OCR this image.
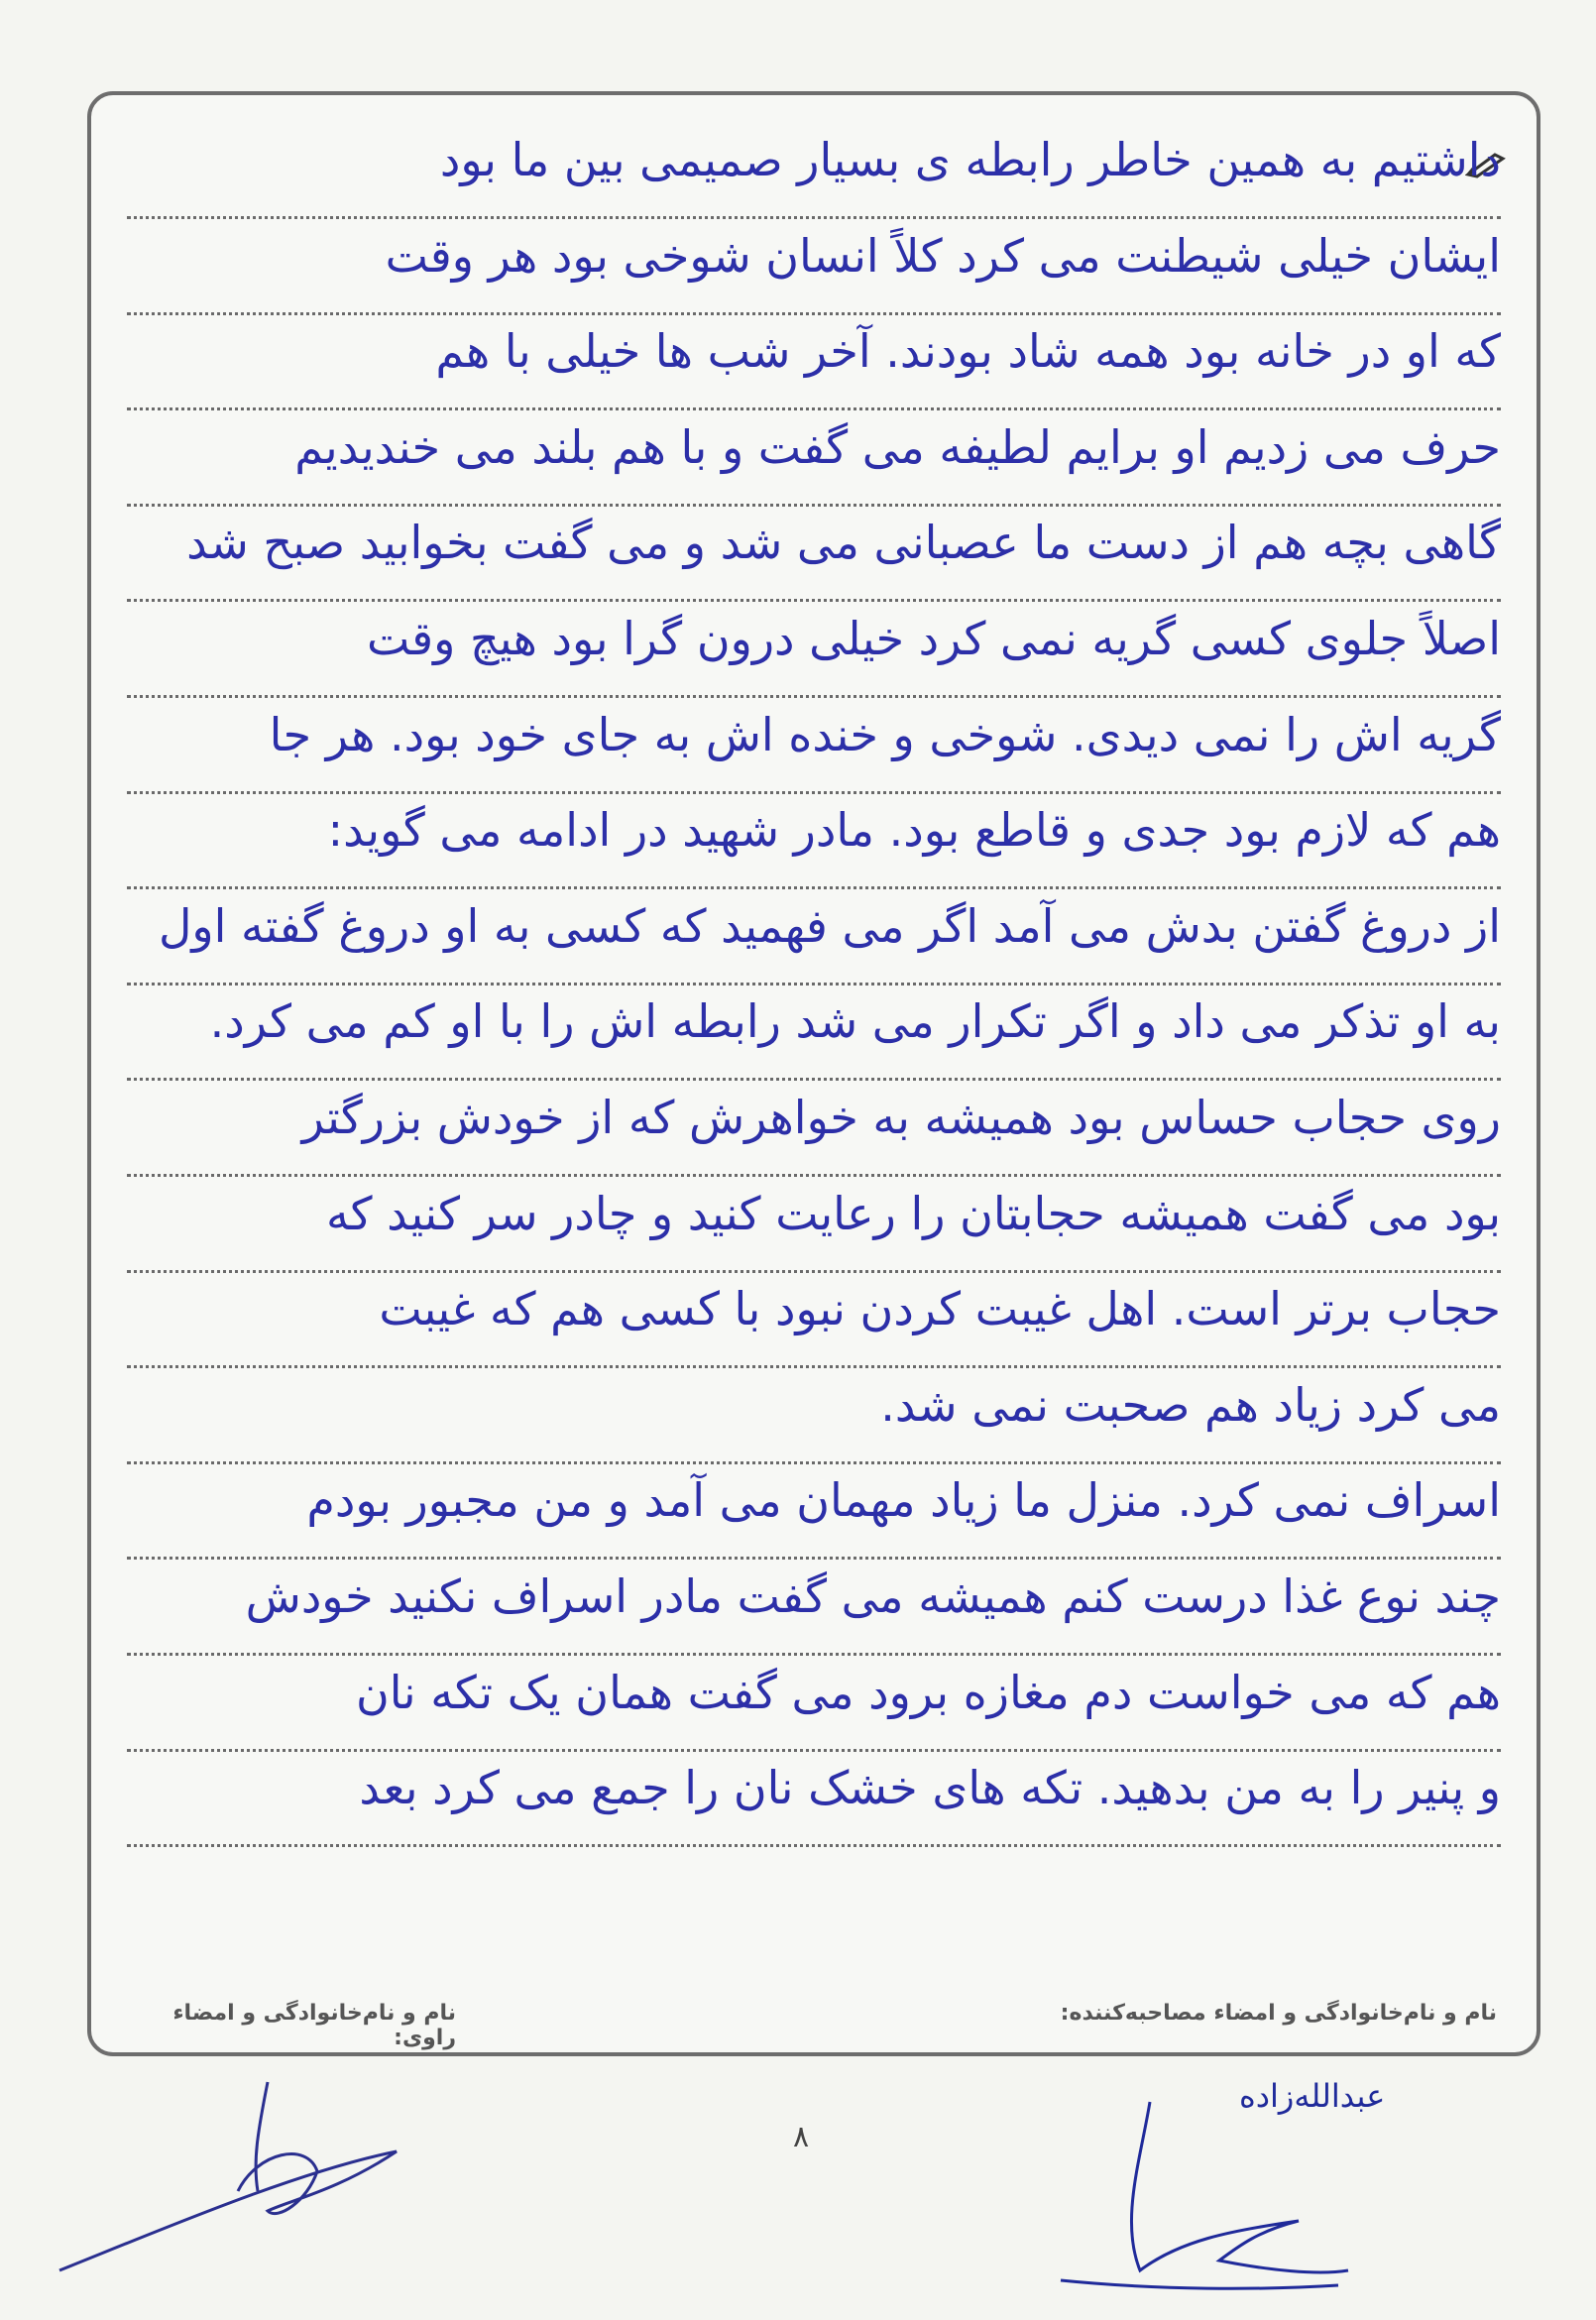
داشتیم به همین خاطر رابطه ی بسیار صمیمی بین ما بود
ایشان خیلی شیطنت می کرد کلاً انسان شوخی بود هر وقت
که او در خانه بود همه شاد بودند. آخر شب ها خیلی با هم
حرف می زدیم او برایم لطیفه می گفت و با هم بلند می خندیدیم
گاهی بچه هم از دست ما عصبانی می شد و می گفت بخوابید صبح شد
اصلاً جلوی کسی گریه نمی کرد خیلی درون گرا بود هیچ وقت
گریه اش را نمی دیدی. شوخی و خنده اش به جای خود بود. هر جا
هم که لازم بود جدی و قاطع بود. مادر شهید در ادامه می گوید:
از دروغ گفتن بدش می آمد اگر می فهمید که کسی به او دروغ گفته اول
به او تذکر می داد و اگر تکرار می شد رابطه اش را با او کم می کرد.
روی حجاب حساس بود همیشه به خواهرش که از خودش بزرگتر
بود می گفت همیشه حجابتان را رعایت کنید و چادر سر کنید که
حجاب برتر است. اهل غیبت کردن نبود با کسی هم که غیبت
می کرد زیاد هم صحبت نمی شد.
اسراف نمی کرد. منزل ما زیاد مهمان می آمد و من مجبور بودم
چند نوع غذا درست کنم همیشه می گفت مادر اسراف نکنید خودش
هم که می خواست دم مغازه برود می گفت همان یک تکه نان
و پنیر را به من بدهید. تکه های خشک نان را جمع می کرد بعد
نام و نام‌خانوادگی و امضاء مصاحبه‌کننده:
نام و نام‌خانوادگی و امضاء راوی:
۸
عبدالله‌زاده
